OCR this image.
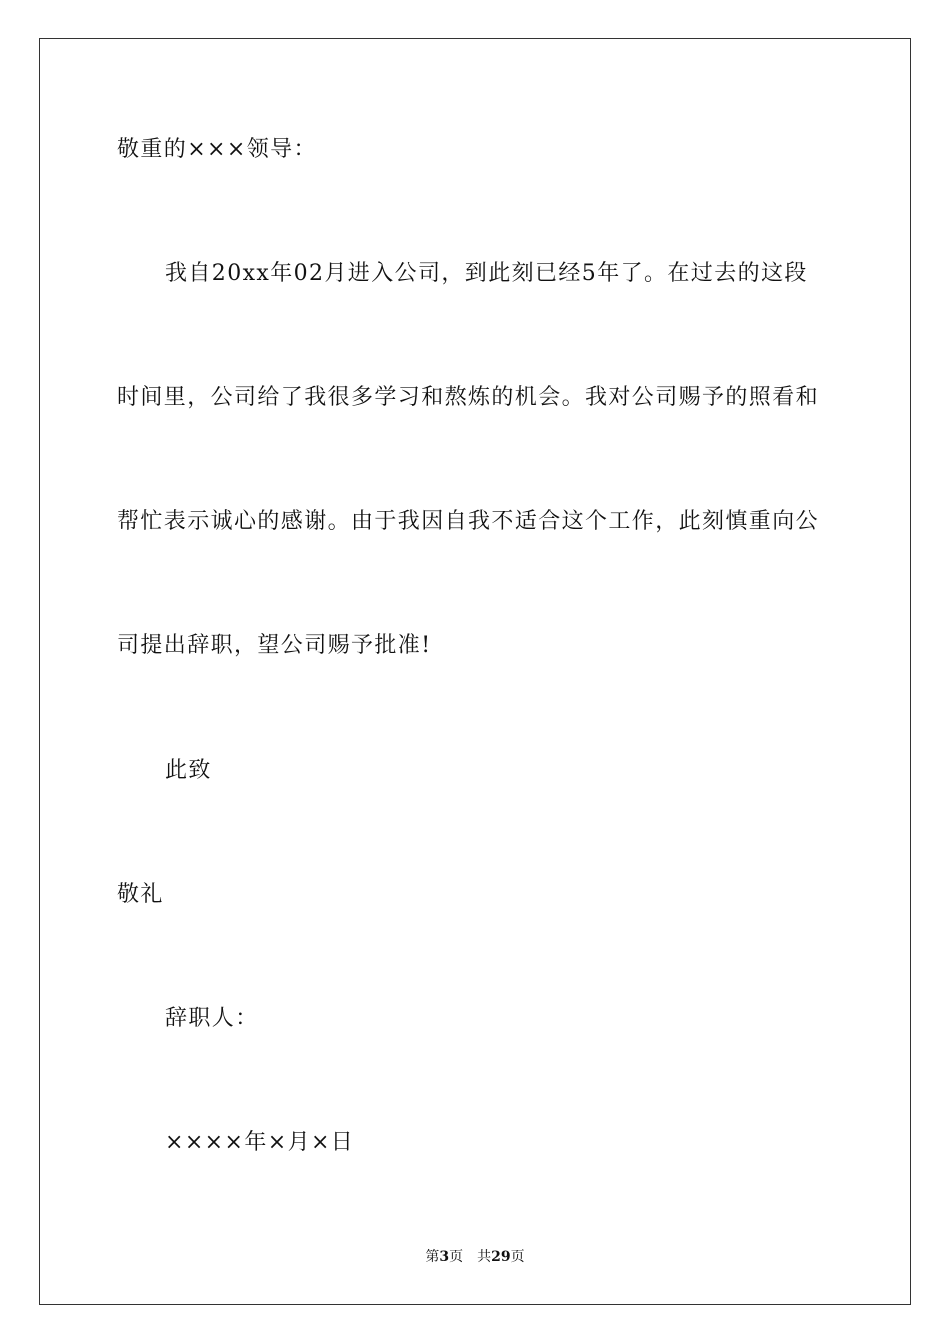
敬重的×××领导：
我自20xx年02月进入公司，到此刻已经5年了。在过去的这段
时间里，公司给了我很多学习和熬炼的机会。我对公司赐予的照看和
帮忙表示诚心的感谢。由于我因自我不适合这个工作，此刻慎重向公
司提出辞职，望公司赐予批准!
此致
敬礼
辞职人：
××××年×月×日
第3页 共29页
